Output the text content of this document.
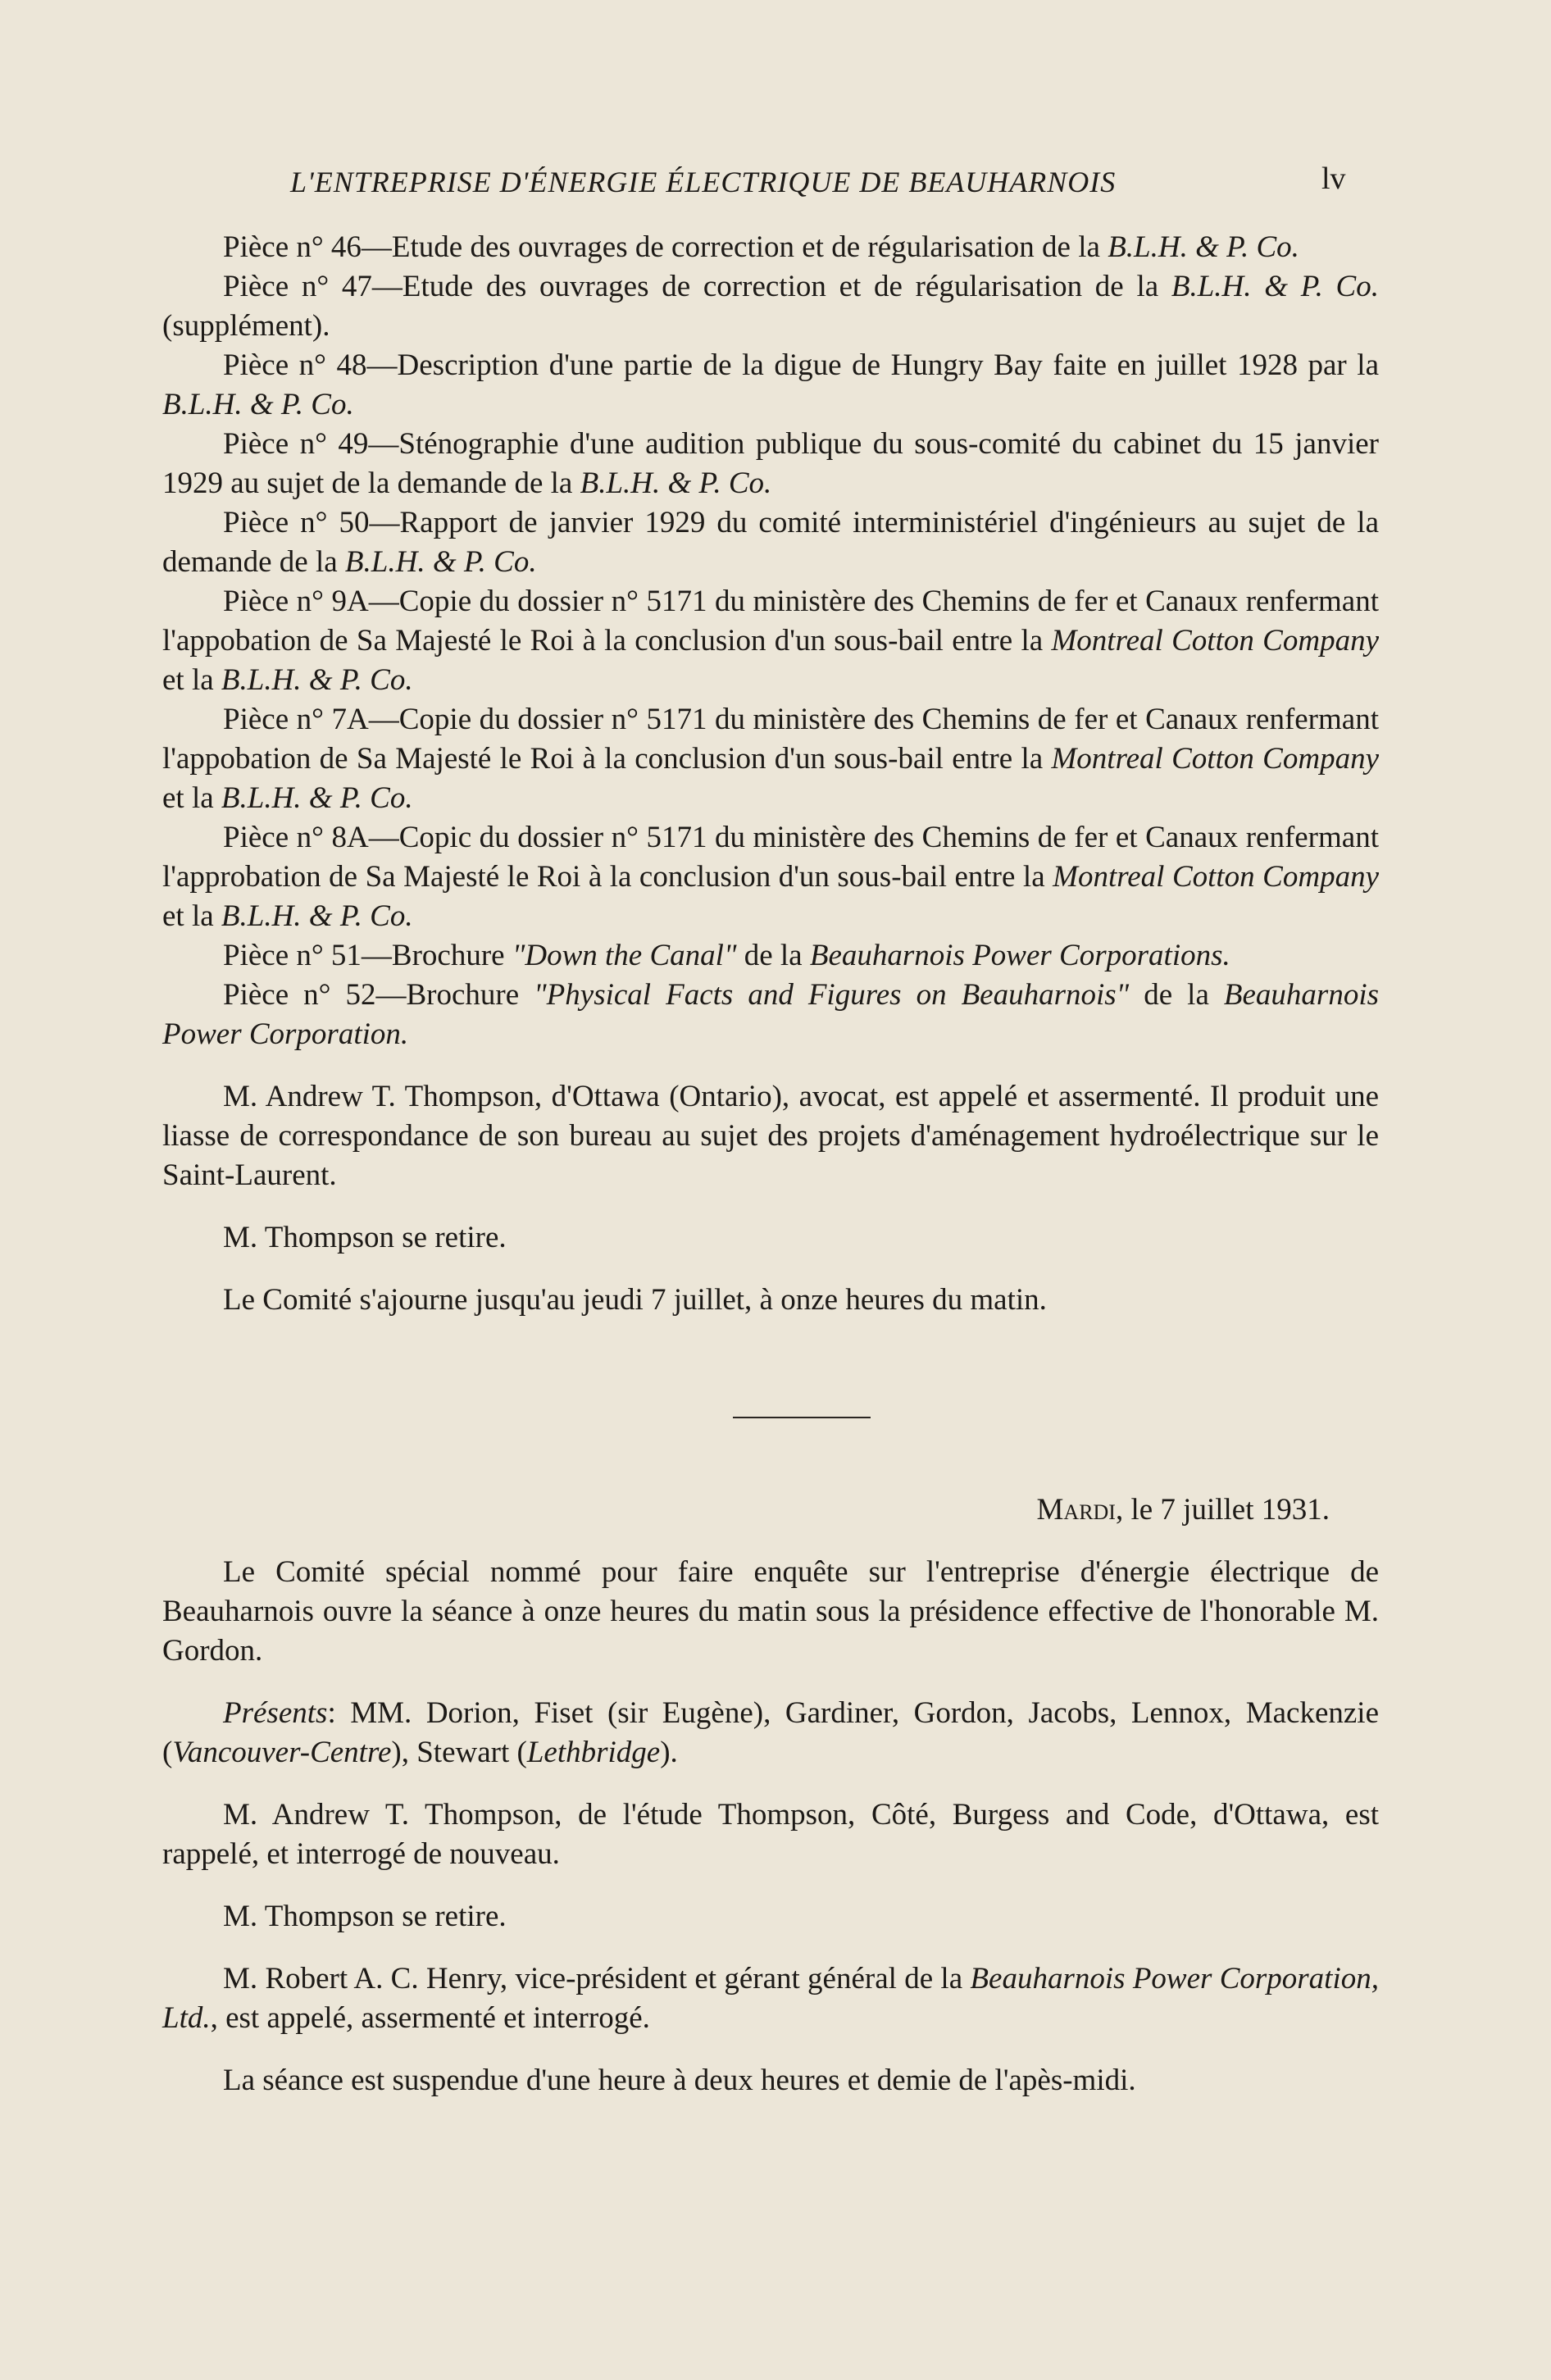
L'ENTREPRISE D'ÉNERGIE ÉLECTRIQUE DE BEAUHARNOIS	lv

Pièce n° 46—Etude des ouvrages de correction et de régularisation de la B.L.H. & P. Co.

Pièce n° 47—Etude des ouvrages de correction et de régularisation de la B.L.H. & P. Co. (supplément).

Pièce n° 48—Description d'une partie de la digue de Hungry Bay faite en juillet 1928 par la B.L.H. & P. Co.

Pièce n° 49—Sténographie d'une audition publique du sous-comité du cabinet du 15 janvier 1929 au sujet de la demande de la B.L.H. & P. Co.

Pièce n° 50—Rapport de janvier 1929 du comité interministériel d'ingénieurs au sujet de la demande de la B.L.H. & P. Co.

Pièce n° 9A—Copie du dossier n° 5171 du ministère des Chemins de fer et Canaux renfermant l'appobation de Sa Majesté le Roi à la conclusion d'un sous-bail entre la Montreal Cotton Company et la B.L.H. & P. Co.

Pièce n° 7A—Copie du dossier n° 5171 du ministère des Chemins de fer et Canaux renfermant l'appobation de Sa Majesté le Roi à la conclusion d'un sous-bail entre la Montreal Cotton Company et la B.L.H. & P. Co.

Pièce n° 8A—Copic du dossier n° 5171 du ministère des Chemins de fer et Canaux renfermant l'approbation de Sa Majesté le Roi à la conclusion d'un sous-bail entre la Montreal Cotton Company et la B.L.H. & P. Co.

Pièce n° 51—Brochure "Down the Canal" de la Beauharnois Power Corporations.

Pièce n° 52—Brochure "Physical Facts and Figures on Beauharnois" de la Beauharnois Power Corporation.

M. Andrew T. Thompson, d'Ottawa (Ontario), avocat, est appelé et assermenté. Il produit une liasse de correspondance de son bureau au sujet des projets d'aménagement hydroélectrique sur le Saint-Laurent.

M. Thompson se retire.

Le Comité s'ajourne jusqu'au jeudi 7 juillet, à onze heures du matin.

Mardi, le 7 juillet 1931.

Le Comité spécial nommé pour faire enquête sur l'entreprise d'énergie électrique de Beauharnois ouvre la séance à onze heures du matin sous la présidence effective de l'honorable M. Gordon.

Présents: MM. Dorion, Fiset (sir Eugène), Gardiner, Gordon, Jacobs, Lennox, Mackenzie (Vancouver-Centre), Stewart (Lethbridge).

M. Andrew T. Thompson, de l'étude Thompson, Côté, Burgess and Code, d'Ottawa, est rappelé, et interrogé de nouveau.

M. Thompson se retire.

M. Robert A. C. Henry, vice-président et gérant général de la Beauharnois Power Corporation, Ltd., est appelé, assermenté et interrogé.

La séance est suspendue d'une heure à deux heures et demie de l'apès-midi.
